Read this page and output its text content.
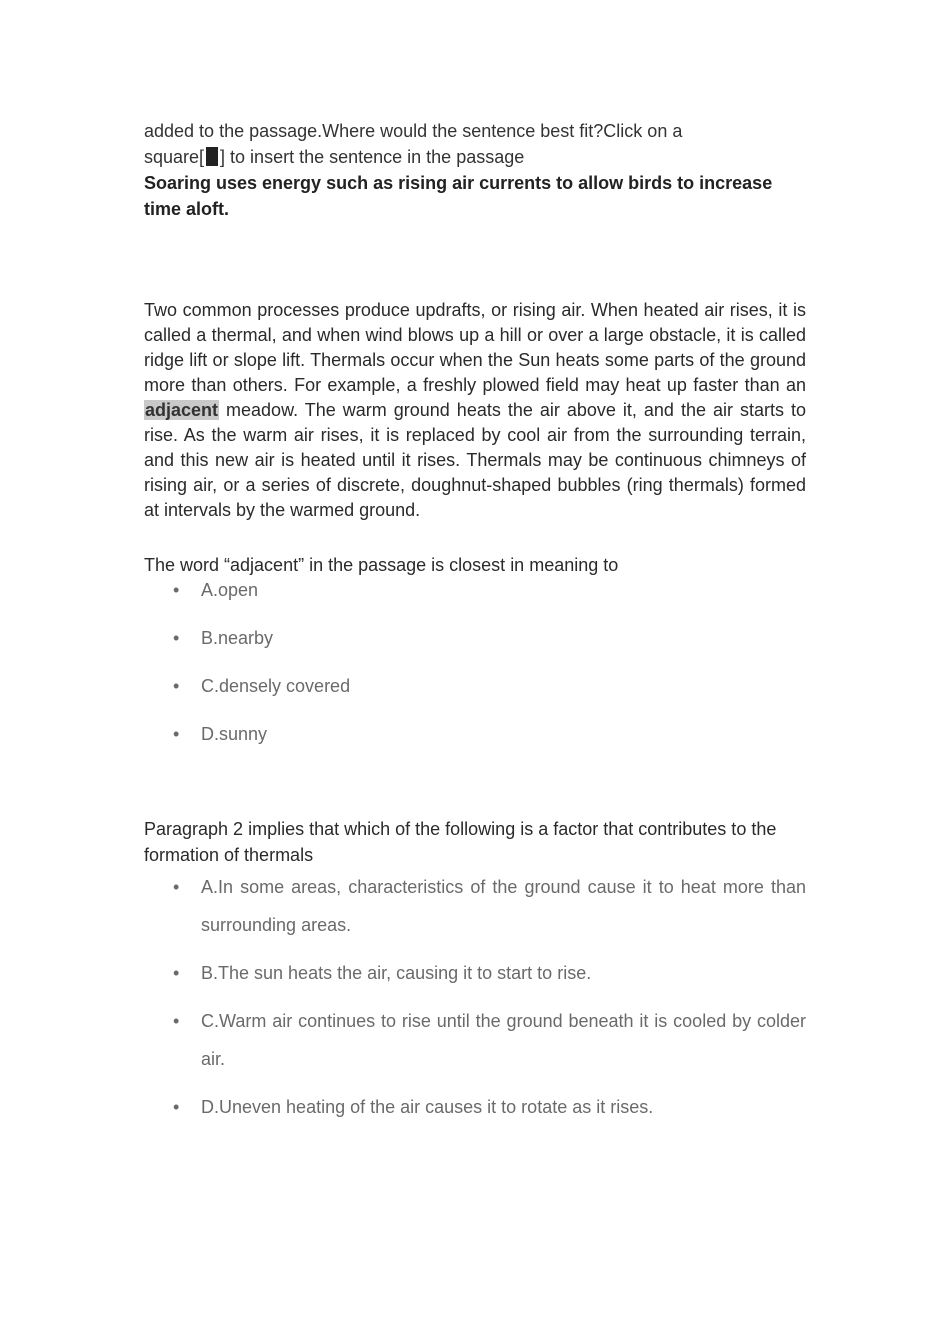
added to the passage.Where would the sentence best fit?Click on a
square[ ] to insert the sentence in the passage
Soaring uses energy such as rising air currents to allow birds to increase time aloft.
Two common processes produce updrafts, or rising air. When heated air rises, it is called a thermal, and when wind blows up a hill or over a large obstacle, it is called ridge lift or slope lift. Thermals occur when the Sun heats some parts of the ground more than others. For example, a freshly plowed field may heat up faster than an adjacent meadow. The warm ground heats the air above it, and the air starts to rise. As the warm air rises, it is replaced by cool air from the surrounding terrain, and this new air is heated until it rises. Thermals may be continuous chimneys of rising air, or a series of discrete, doughnut-shaped bubbles (ring thermals) formed at intervals by the warmed ground.
The word “adjacent” in the passage is closest in meaning to
• A.open
• B.nearby
• C.densely covered
• D.sunny
Paragraph 2 implies that which of the following is a factor that contributes to the formation of thermals
• A.In some areas, characteristics of the ground cause it to heat more than surrounding areas.
• B.The sun heats the air, causing it to start to rise.
• C.Warm air continues to rise until the ground beneath it is cooled by colder air.
• D.Uneven heating of the air causes it to rotate as it rises.
